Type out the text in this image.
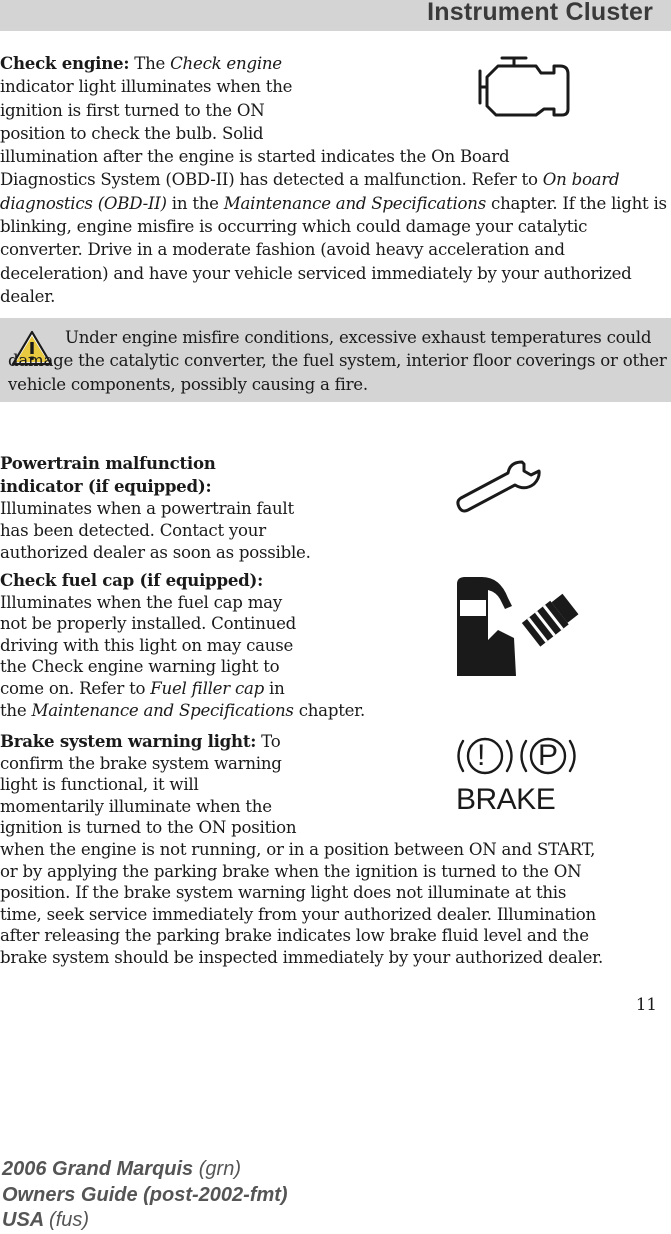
Instrument Cluster

Check engine: The Check engine
indicator light illuminates when the
ignition is first turned to the ON
position to check the bulb. Solid
illumination after the engine is started indicates the On Board
Diagnostics System (OBD-II) has detected a malfunction. Refer to On board diagnostics (OBD-II) in the Maintenance and Specifications chapter. If the light is blinking, engine misfire is occurring which could damage your catalytic converter. Drive in a moderate fashion (avoid heavy acceleration and deceleration) and have your vehicle serviced immediately by your authorized dealer.

Under engine misfire conditions, excessive exhaust temperatures could damage the catalytic converter, the fuel system, interior floor coverings or other vehicle components, possibly causing a fire.

Powertrain malfunction
indicator (if equipped):
Illuminates when a powertrain fault
has been detected. Contact your
authorized dealer as soon as possible.

Check fuel cap (if equipped):
Illuminates when the fuel cap may
not be properly installed. Continued
driving with this light on may cause
the Check engine warning light to
come on. Refer to Fuel filler cap in
the Maintenance and Specifications chapter.

! P
BRAKE

Brake system warning light: To
confirm the brake system warning
light is functional, it will
momentarily illuminate when the
ignition is turned to the ON position
when the engine is not running, or in a position between ON and START,
or by applying the parking brake when the ignition is turned to the ON
position. If the brake system warning light does not illuminate at this
time, seek service immediately from your authorized dealer. Illumination
after releasing the parking brake indicates low brake fluid level and the
brake system should be inspected immediately by your authorized dealer.

11
2006 Grand Marquis (grn)
Owners Guide (post-2002-fmt)
USA (fus)
